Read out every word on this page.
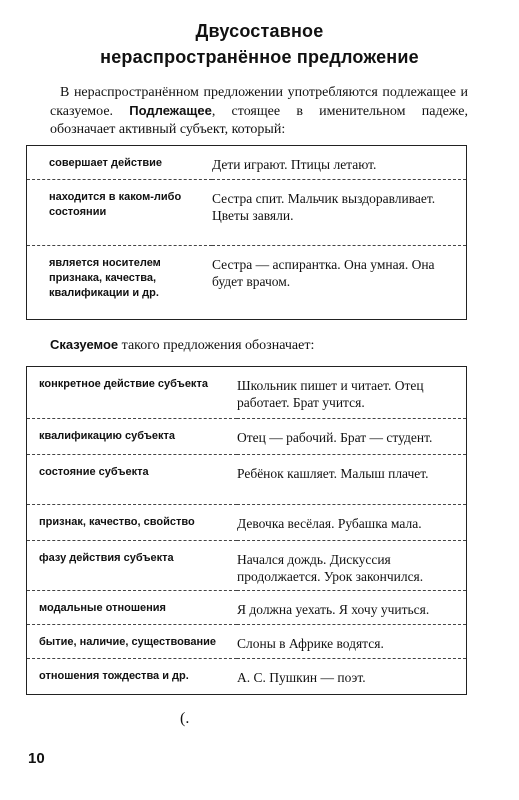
Двусоставное
нераспространённое предложение
В нераспространённом предложении употребляются подлежащее и сказуемое. Подлежащее, стоящее в именительном падеже, обозначает активный субъект, который:
совершает действие	Дети играют. Птицы летают.
находится в каком-либо состоянии	Сестра спит. Мальчик выздоравливает.
Цветы завяли.

является носителем признака, качества, квалификации и др.	Сестра — аспирантка. Она умная. Она будет врачом.
Сказуемое такого предложения обозначает:
конкретное действие субъекта	Школьник пишет и читает. Отец работает. Брат учится.
квалификацию субъекта	Отец — рабочий. Брат — студент.
состояние субъекта	Ребёнок кашляет. Малыш плачет.
признак, качество, свойство	Девочка весёлая. Рубашка мала.
фазу действия субъекта	Начался дождь. Дискуссия продолжается. Урок закончился.
модальные отношения	Я должна уехать. Я хочу учиться.
бытие, наличие, существование	Слоны в Африке водятся.
отношения тождества и др.	А. С. Пушкин — поэт.
(.
10
